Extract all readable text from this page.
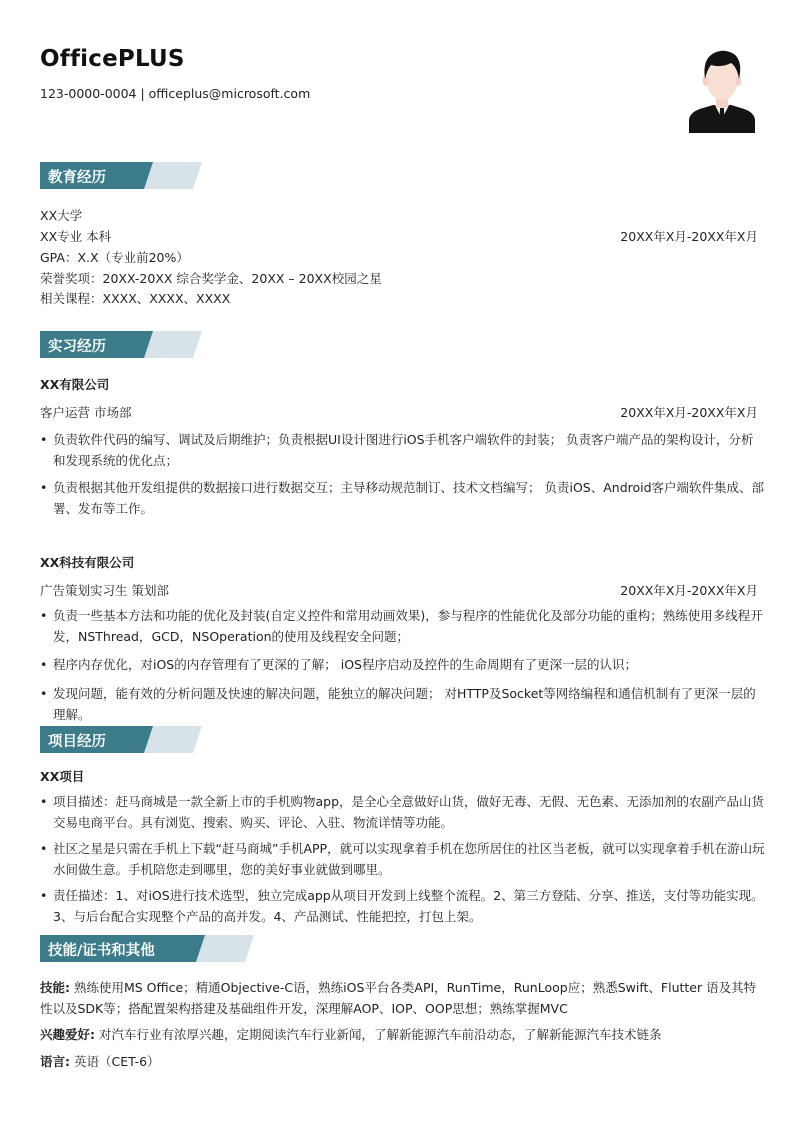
OfficePLUS
123-0000-0004 | officeplus@microsoft.com
教育经历
XX大学
XX专业 本科	20XX年X月-20XX年X月
GPA：X.X（专业前20%）
荣誉奖项：20XX-20XX 综合奖学金、20XX – 20XX校园之星
相关课程：XXXX、XXXX、XXXX
实习经历
XX有限公司
客户运营 市场部	20XX年X月-20XX年X月
• 负责软件代码的编写、调试及后期维护；负责根据UI设计图进行iOS手机客户端软件的封装； 负责客户端产品的架构设计，分析和发现系统的优化点；
• 负责根据其他开发组提供的数据接口进行数据交互；主导移动规范制订、技术文档编写； 负责iOS、Android客户端软件集成、部署、发布等工作。
XX科技有限公司
广告策划实习生 策划部	20XX年X月-20XX年X月
• 负责一些基本方法和功能的优化及封装(自定义控件和常用动画效果)，参与程序的性能优化及部分功能的重构；熟练使用多线程开发，NSThread，GCD，NSOperation的使用及线程安全问题；
• 程序内存优化，对iOS的内存管理有了更深的了解； iOS程序启动及控件的生命周期有了更深一层的认识；
• 发现问题，能有效的分析问题及快速的解决问题，能独立的解决问题； 对HTTP及Socket等网络编程和通信机制有了更深一层的理解。
项目经历
XX项目
• 项目描述：赶马商城是一款全新上市的手机购物app，是全心全意做好山货，做好无毒、无假、无色素、无添加剂的农副产品山货交易电商平台。具有浏览、搜索、购买、评论、入驻、物流详情等功能。
• 社区之星是只需在手机上下载“赶马商城”手机APP，就可以实现拿着手机在您所居住的社区当老板，就可以实现拿着手机在游山玩水间做生意。手机陪您走到哪里，您的美好事业就做到哪里。
• 责任描述：1、对iOS进行技术选型，独立完成app从项目开发到上线整个流程。2、第三方登陆、分享、推送，支付等功能实现。3、与后台配合实现整个产品的高并发。4、产品测试、性能把控，打包上架。
技能/证书和其他
技能: 熟练使用MS Office；精通Objective-C语，熟练iOS平台各类API，RunTime，RunLoop应；熟悉Swift、Flutter 语及其特性以及SDK等；搭配置架构搭建及基础组件开发，深理解AOP、IOP、OOP思想；熟练掌握MVC
兴趣爱好: 对汽车行业有浓厚兴趣，定期阅读汽车行业新闻，了解新能源汽车前沿动态，了解新能源汽车技术链条
语言: 英语（CET-6）
